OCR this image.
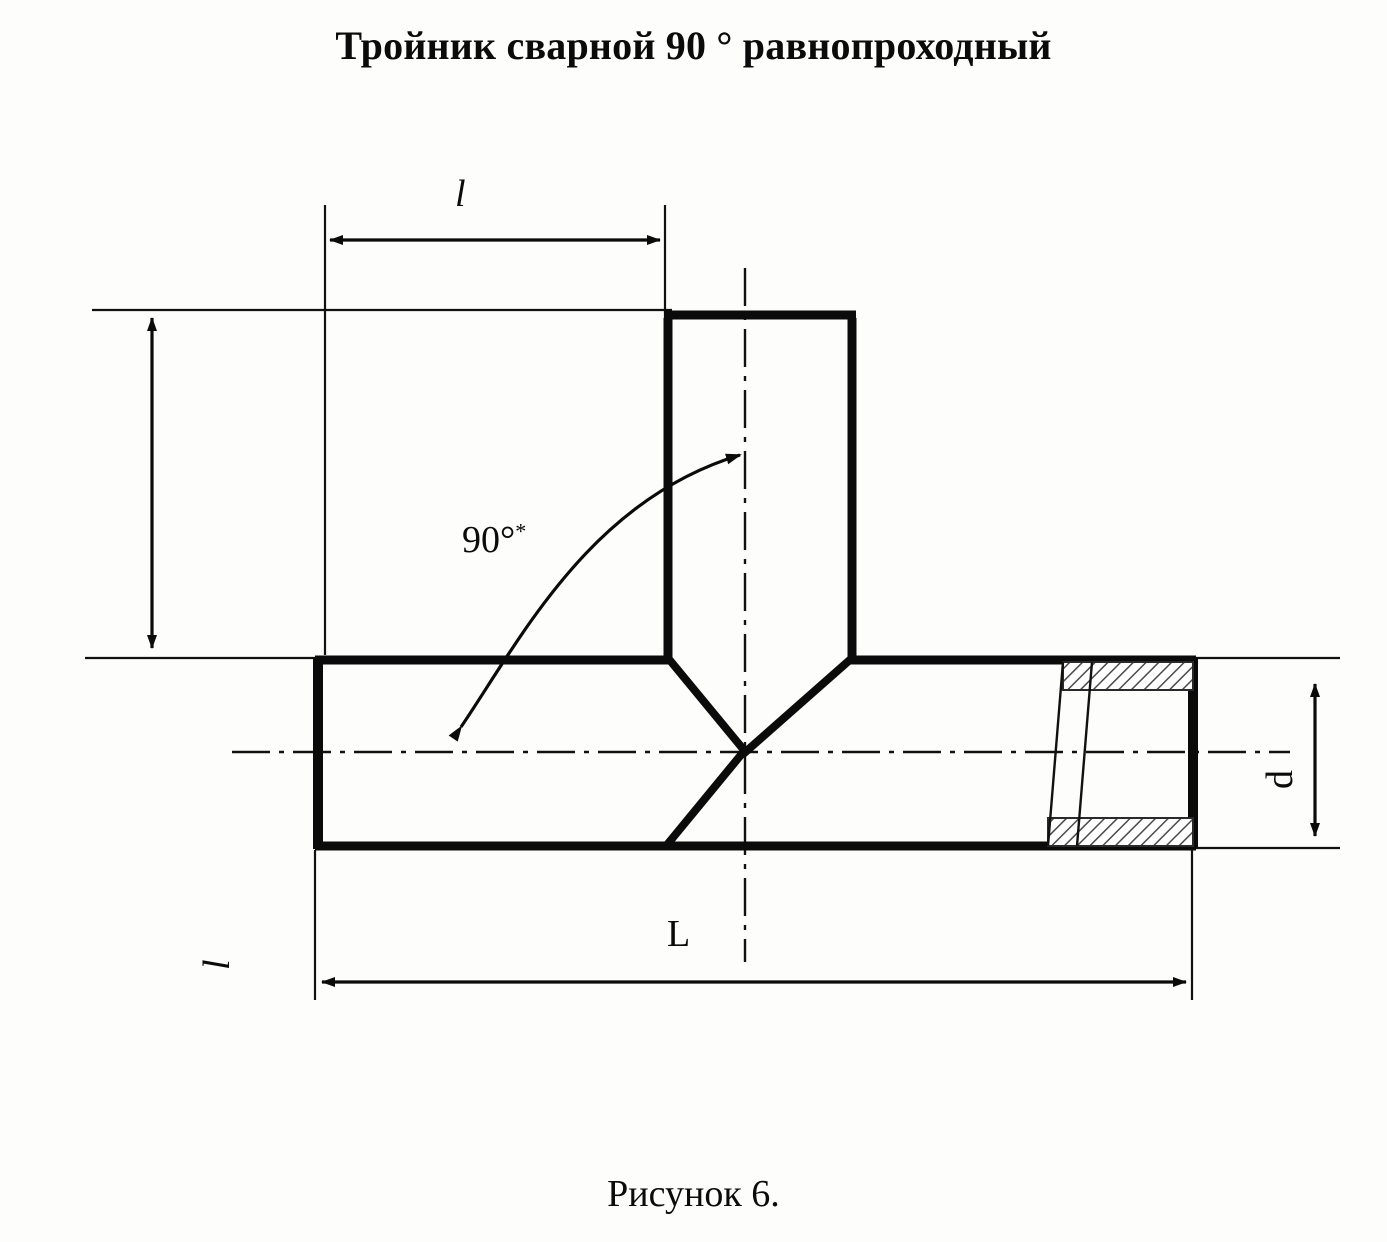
Тройник сварной 90 ° равнопроходный
l
l
90°*
L
d
Рисунок 6.
